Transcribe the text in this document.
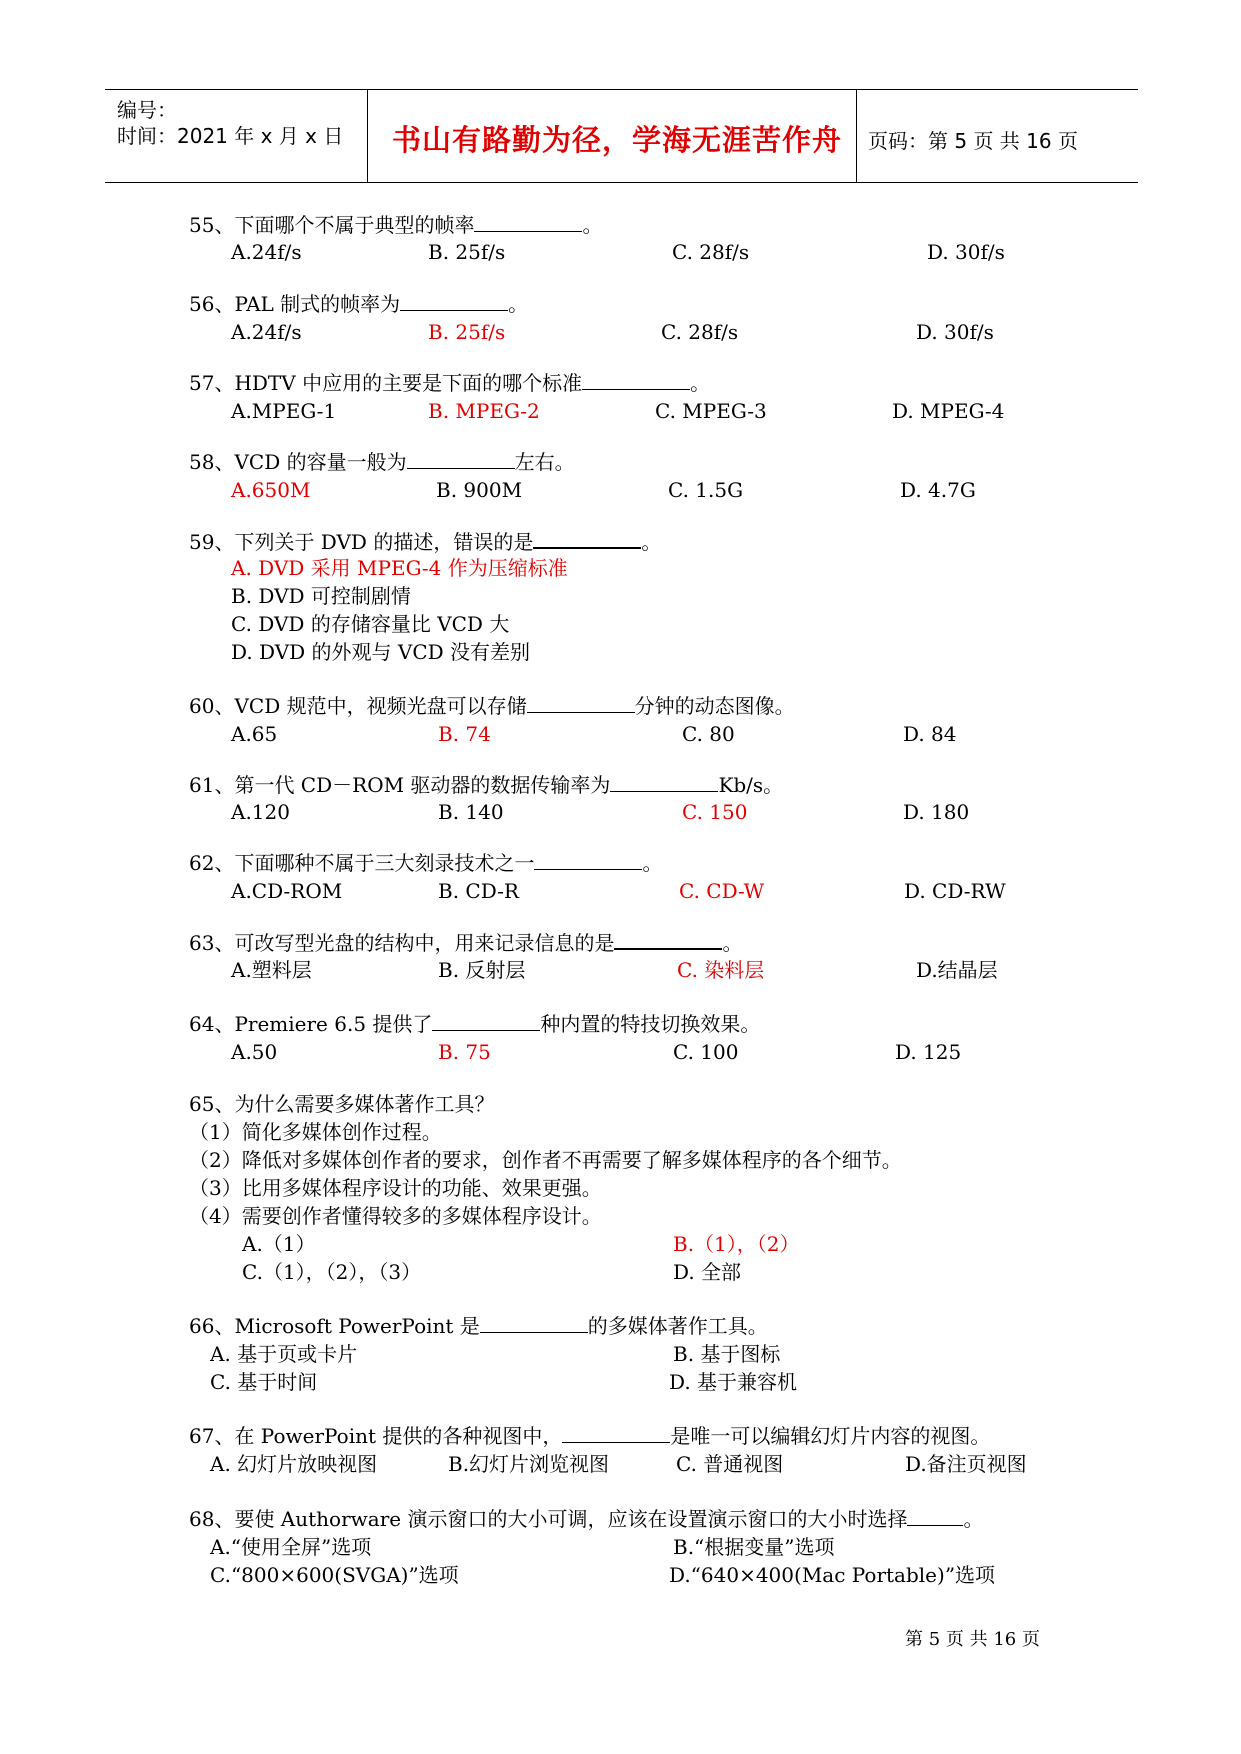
编号：
时间：2021 年 x 月 x 日 书山有路勤为径，学海无涯苦作舟 页码：第 5 页 共 16 页
55、下面哪个不属于典型的帧率	。
A.24f/s	B. 25f/s	C. 28f/s	D. 30f/s
56、PAL 制式的帧率为	。
A.24f/s	B. 25f/s	C. 28f/s	D. 30f/s
57、HDTV 中应用的主要是下面的哪个标准	。
A.MPEG-1	B. MPEG-2	C. MPEG-3	D. MPEG-4
58、VCD 的容量一般为	左右。
A.650M	B. 900M	C. 1.5G	D. 4.7G
59、下列关于 DVD 的描述，错误的是	。
A. DVD 采用 MPEG-4 作为压缩标准
B. DVD 可控制剧情
C. DVD 的存储容量比 VCD 大
D. DVD 的外观与 VCD 没有差别
60、VCD 规范中，视频光盘可以存储	分钟的动态图像。
A.65	B. 74	C. 80	D. 84
61、第一代 CD－ROM 驱动器的数据传输率为	Kb/s。
A.120	B. 140	C. 150	D. 180
62、下面哪种不属于三大刻录技术之一	。
A.CD-ROM	B. CD-R	C. CD-W	D. CD-RW
63、可改写型光盘的结构中，用来记录信息的是	。
A.塑料层	B. 反射层	C. 染料层	D.结晶层
64、Premiere 6.5 提供了	种内置的特技切换效果。
A.50	B. 75	C. 100	D. 125
65、为什么需要多媒体著作工具？
（1）简化多媒体创作过程。
（2）降低对多媒体创作者的要求，创作者不再需要了解多媒体程序的各个细节。
（3）比用多媒体程序设计的功能、效果更强。
（4）需要创作者懂得较多的多媒体程序设计。
A.（1）	B.（1），（2）
C.（1），（2），（3）	D. 全部
66、Microsoft PowerPoint 是	的多媒体著作工具。
A. 基于页或卡片	B. 基于图标
C. 基于时间	D. 基于兼容机
67、在 PowerPoint 提供的各种视图中，	是唯一可以编辑幻灯片内容的视图。
A. 幻灯片放映视图	B.幻灯片浏览视图	C. 普通视图	D.备注页视图
68、要使 Authorware 演示窗口的大小可调，应该在设置演示窗口的大小时选择	。
A.“使用全屏”选项	B.“根据变量”选项
C.“800×600(SVGA)”选项	D.“640×400(Mac Portable)”选项
第 5 页 共 16 页
